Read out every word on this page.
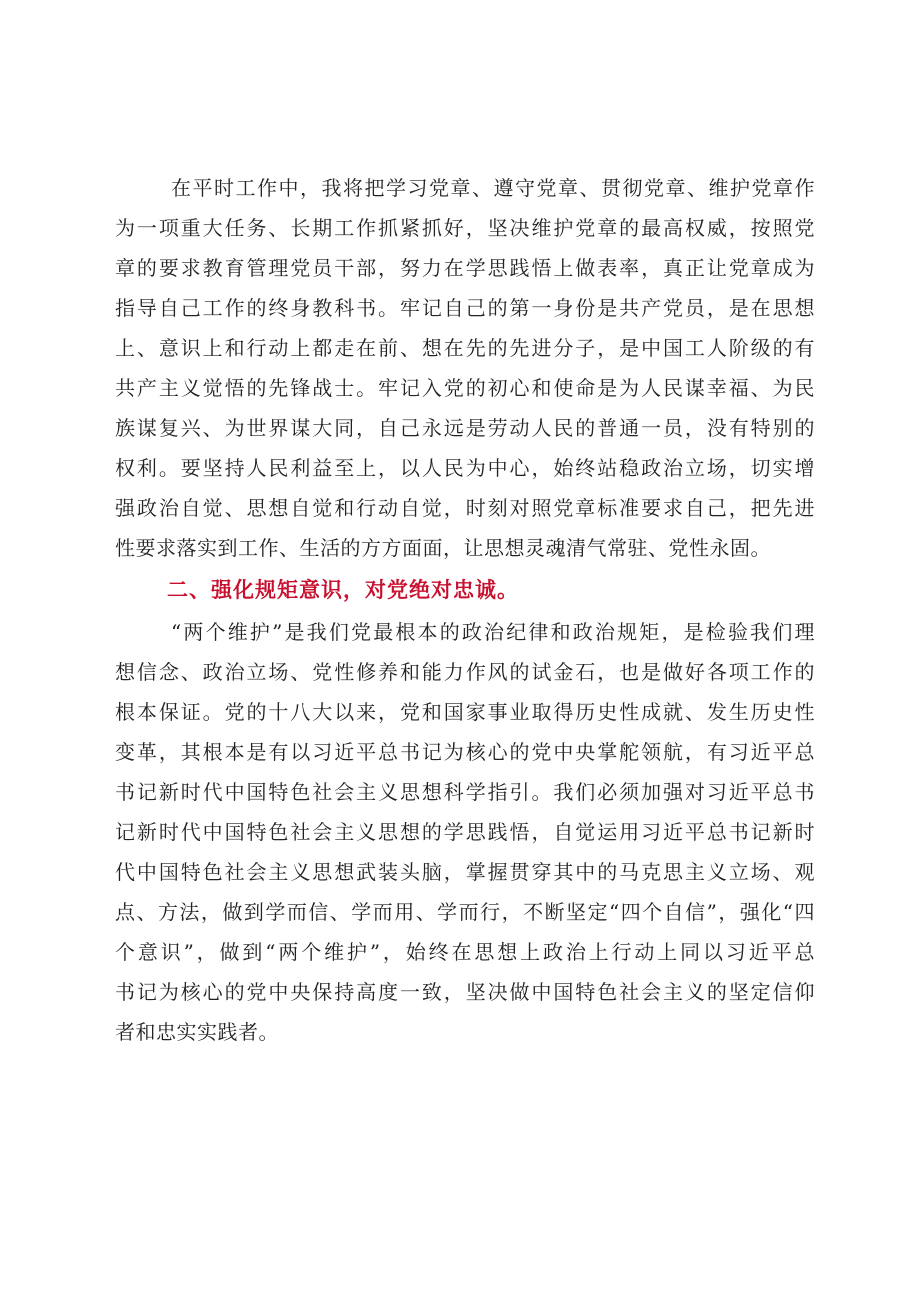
在平时工作中，我将把学习党章、遵守党章、贯彻党章、维护党章作
为一项重大任务、长期工作抓紧抓好，坚决维护党章的最高权威，按照党
章的要求教育管理党员干部，努力在学思践悟上做表率，真正让党章成为
指导自己工作的终身教科书。牢记自己的第一身份是共产党员，是在思想
上、意识上和行动上都走在前、想在先的先进分子，是中国工人阶级的有
共产主义觉悟的先锋战士。牢记入党的初心和使命是为人民谋幸福、为民
族谋复兴、为世界谋大同，自己永远是劳动人民的普通一员，没有特别的
权利。要坚持人民利益至上，以人民为中心，始终站稳政治立场，切实增
强政治自觉、思想自觉和行动自觉，时刻对照党章标准要求自己，把先进
性要求落实到工作、生活的方方面面，让思想灵魂清气常驻、党性永固。
二、强化规矩意识，对党绝对忠诚。
“两个维护”是我们党最根本的政治纪律和政治规矩，是检验我们理
想信念、政治立场、党性修养和能力作风的试金石，也是做好各项工作的
根本保证。党的十八大以来，党和国家事业取得历史性成就、发生历史性
变革，其根本是有以习近平总书记为核心的党中央掌舵领航，有习近平总
书记新时代中国特色社会主义思想科学指引。我们必须加强对习近平总书
记新时代中国特色社会主义思想的学思践悟，自觉运用习近平总书记新时
代中国特色社会主义思想武装头脑，掌握贯穿其中的马克思主义立场、观
点、方法，做到学而信、学而用、学而行，不断坚定“四个自信”，强化“四
个意识”，做到“两个维护”，始终在思想上政治上行动上同以习近平总
书记为核心的党中央保持高度一致，坚决做中国特色社会主义的坚定信仰
者和忠实实践者。
